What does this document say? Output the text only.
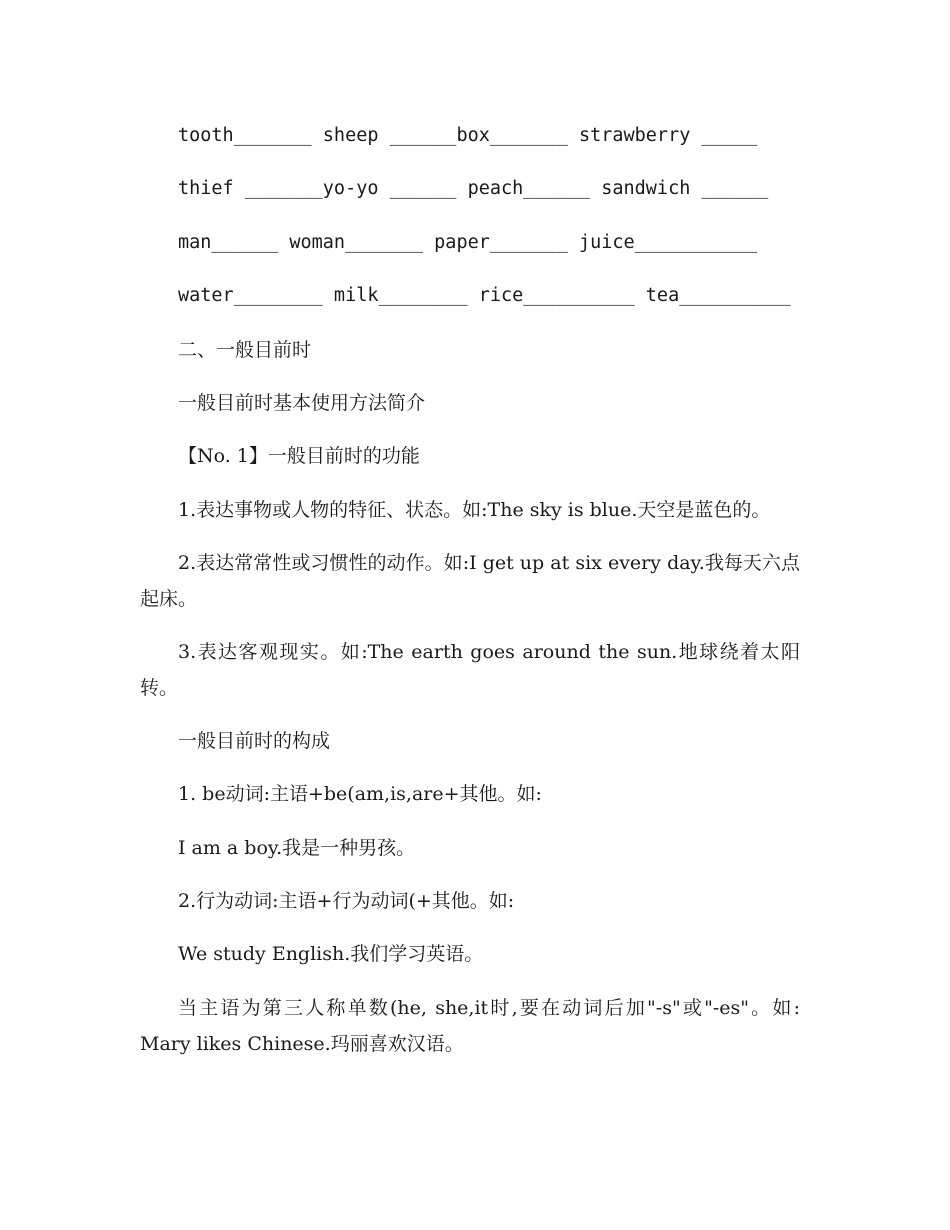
tooth_______ sheep ______box_______ strawberry _____
thief _______yo-yo ______ peach______ sandwich ______
man______ woman_______ paper_______ juice___________
water________ milk________ rice__________ tea__________
二、一般目前时
一般目前时基本使用方法简介
【No. 1】一般目前时的功能
1.表达事物或人物的特征、状态。如:The sky is blue.天空是蓝色的。
2.表达常常性或习惯性的动作。如:I get up at six every day.我每天六点起床。
3.表达客观现实。如:The earth goes around the sun.地球绕着太阳转。
一般目前时的构成
1. be动词:主语+be(am,is,are+其他。如:
I am a boy.我是一种男孩。
2.行为动词:主语+行为动词(+其他。如:
We study English.我们学习英语。
当主语为第三人称单数(he, she,it时,要在动词后加"-s"或"-es"。如: Mary likes Chinese.玛丽喜欢汉语。
